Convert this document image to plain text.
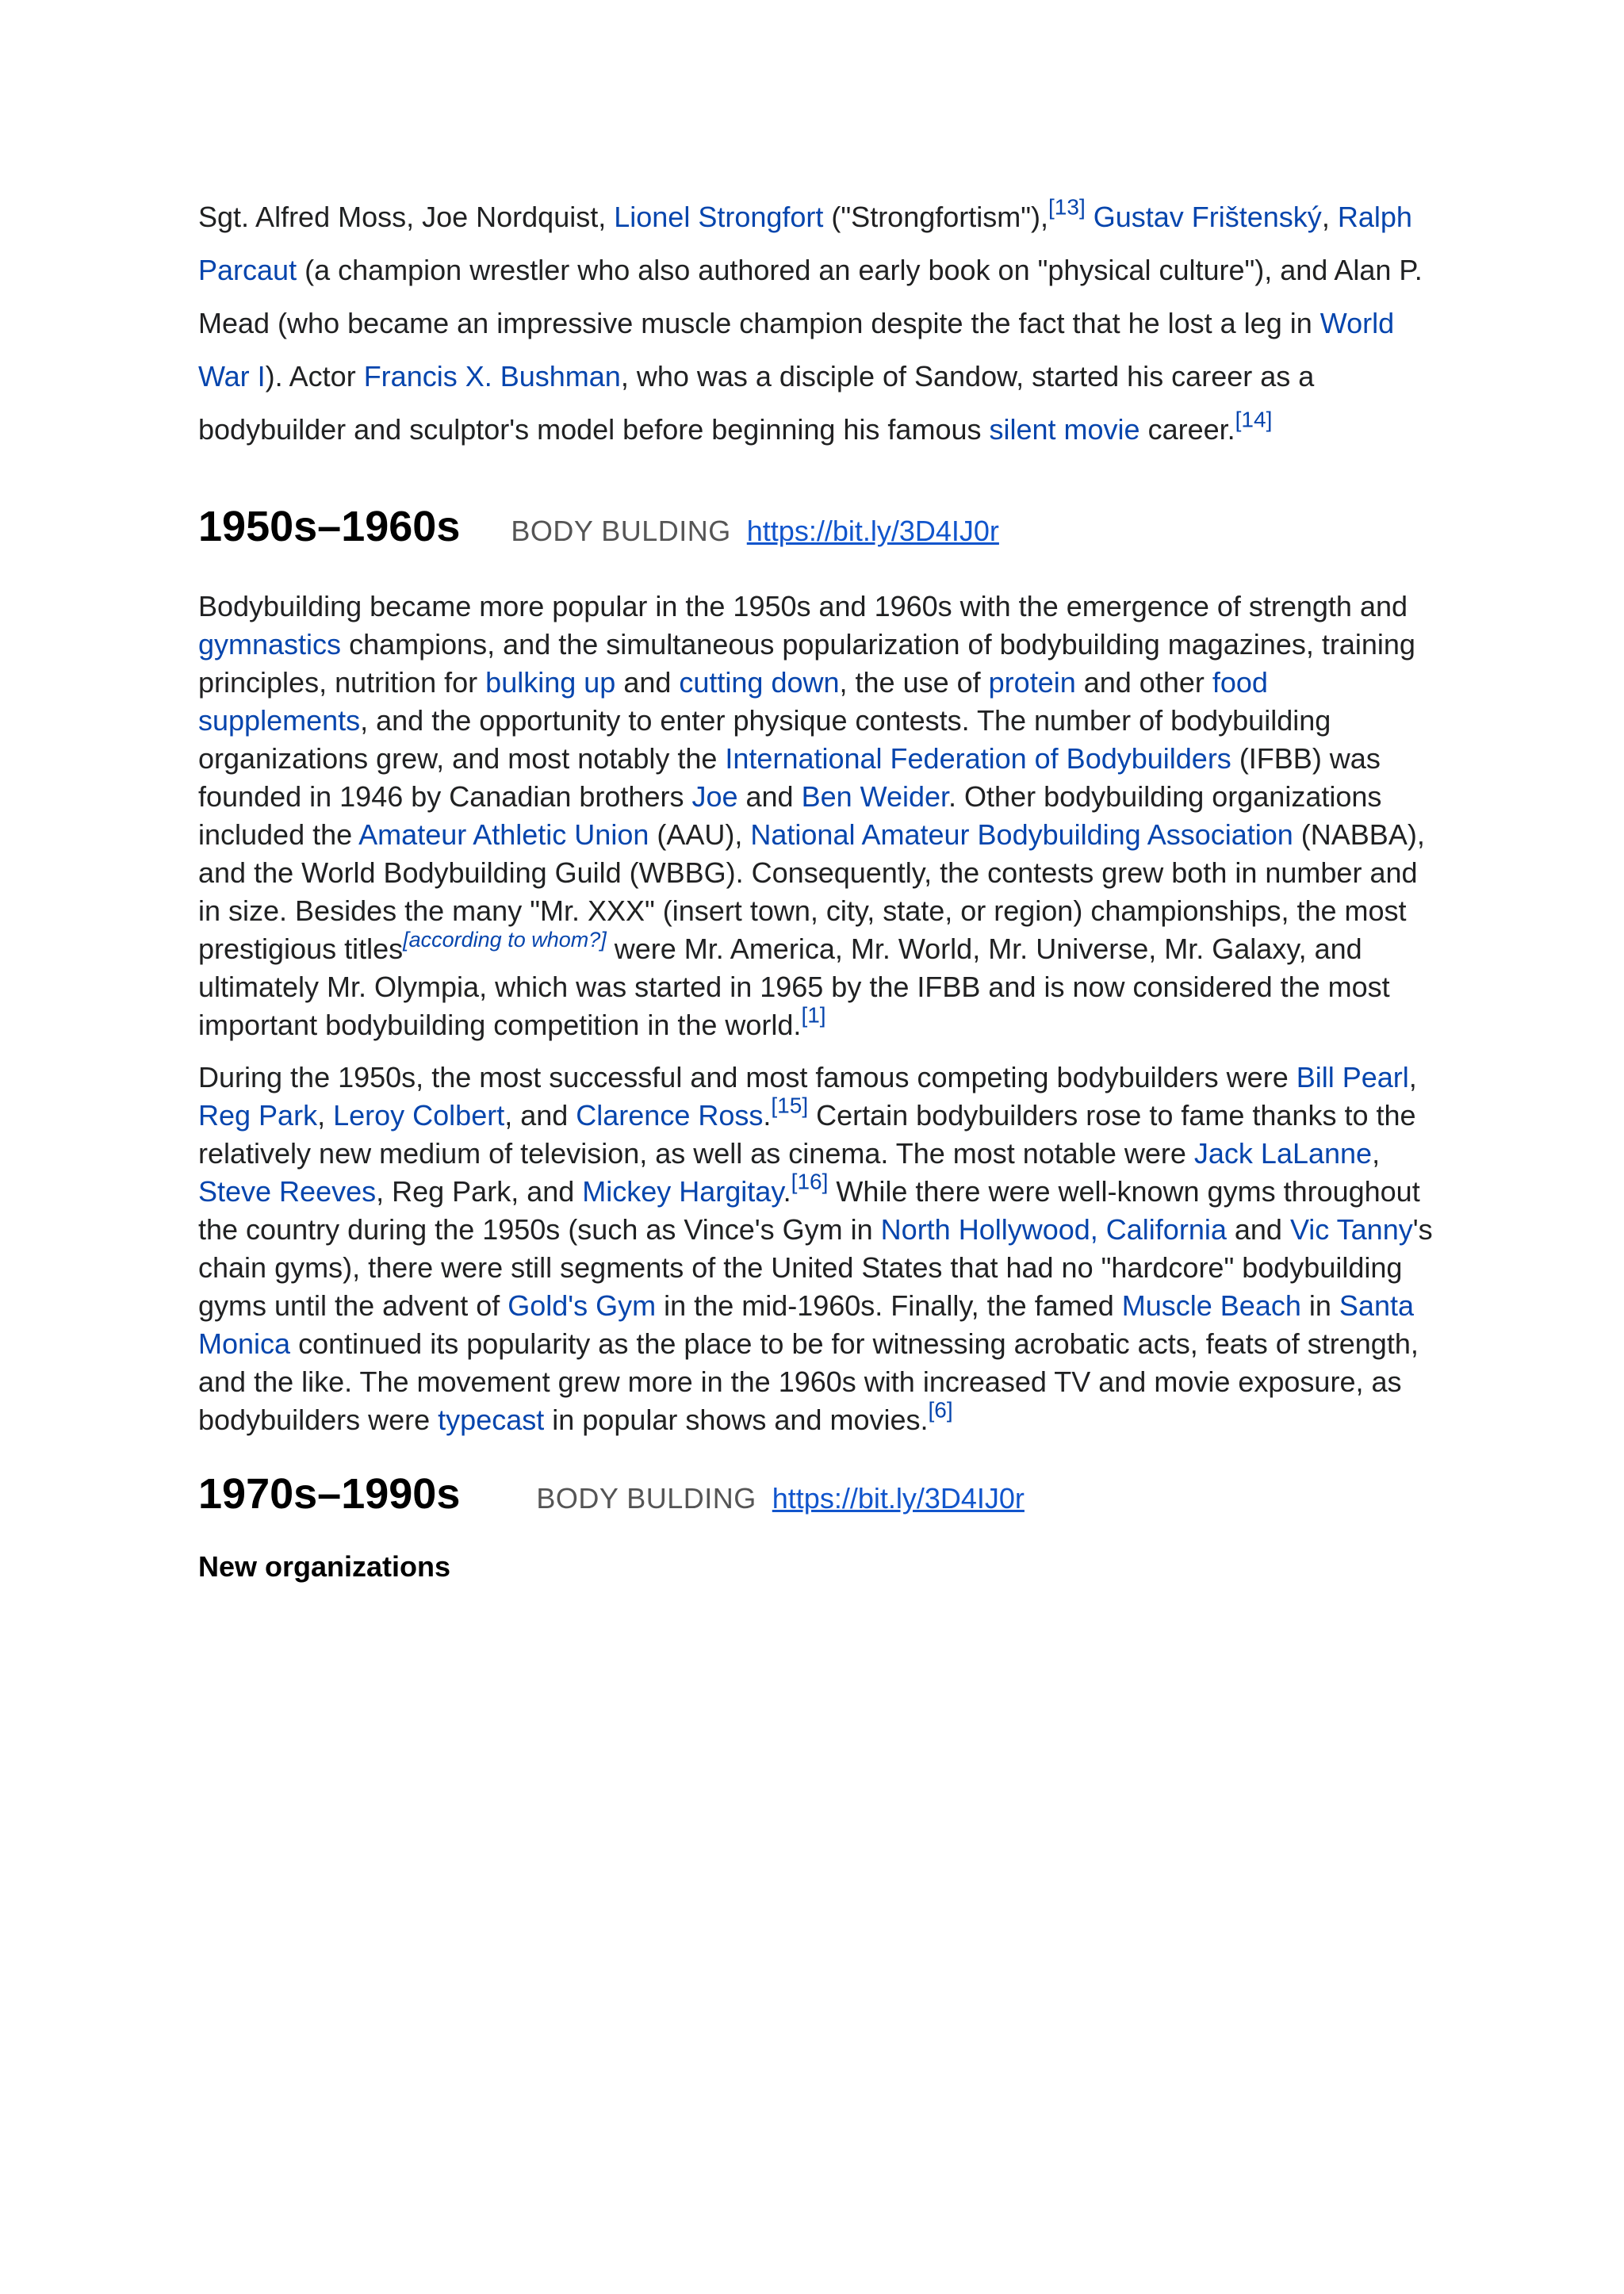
Sgt. Alfred Moss, Joe Nordquist, Lionel Strongfort ("Strongfortism"),[13] Gustav Frištenský, Ralph Parcaut (a champion wrestler who also authored an early book on "physical culture"), and Alan P. Mead (who became an impressive muscle champion despite the fact that he lost a leg in World War I). Actor Francis X. Bushman, who was a disciple of Sandow, started his career as a bodybuilder and sculptor's model before beginning his famous silent movie career.[14]

1950s–1960s BODY BULDING https://bit.ly/3D4IJ0r

Bodybuilding became more popular in the 1950s and 1960s with the emergence of strength and gymnastics champions, and the simultaneous popularization of bodybuilding magazines, training principles, nutrition for bulking up and cutting down, the use of protein and other food supplements, and the opportunity to enter physique contests. The number of bodybuilding organizations grew, and most notably the International Federation of Bodybuilders (IFBB) was founded in 1946 by Canadian brothers Joe and Ben Weider. Other bodybuilding organizations included the Amateur Athletic Union (AAU), National Amateur Bodybuilding Association (NABBA), and the World Bodybuilding Guild (WBBG). Consequently, the contests grew both in number and in size. Besides the many "Mr. XXX" (insert town, city, state, or region) championships, the most prestigious titles[according to whom?] were Mr. America, Mr. World, Mr. Universe, Mr. Galaxy, and ultimately Mr. Olympia, which was started in 1965 by the IFBB and is now considered the most important bodybuilding competition in the world.[1]

During the 1950s, the most successful and most famous competing bodybuilders were Bill Pearl, Reg Park, Leroy Colbert, and Clarence Ross.[15] Certain bodybuilders rose to fame thanks to the relatively new medium of television, as well as cinema. The most notable were Jack LaLanne, Steve Reeves, Reg Park, and Mickey Hargitay.[16] While there were well-known gyms throughout the country during the 1950s (such as Vince's Gym in North Hollywood, California and Vic Tanny's chain gyms), there were still segments of the United States that had no "hardcore" bodybuilding gyms until the advent of Gold's Gym in the mid-1960s. Finally, the famed Muscle Beach in Santa Monica continued its popularity as the place to be for witnessing acrobatic acts, feats of strength, and the like. The movement grew more in the 1960s with increased TV and movie exposure, as bodybuilders were typecast in popular shows and movies.[6]

1970s–1990s	BODY BULDING https://bit.ly/3D4IJ0r
New organizations
